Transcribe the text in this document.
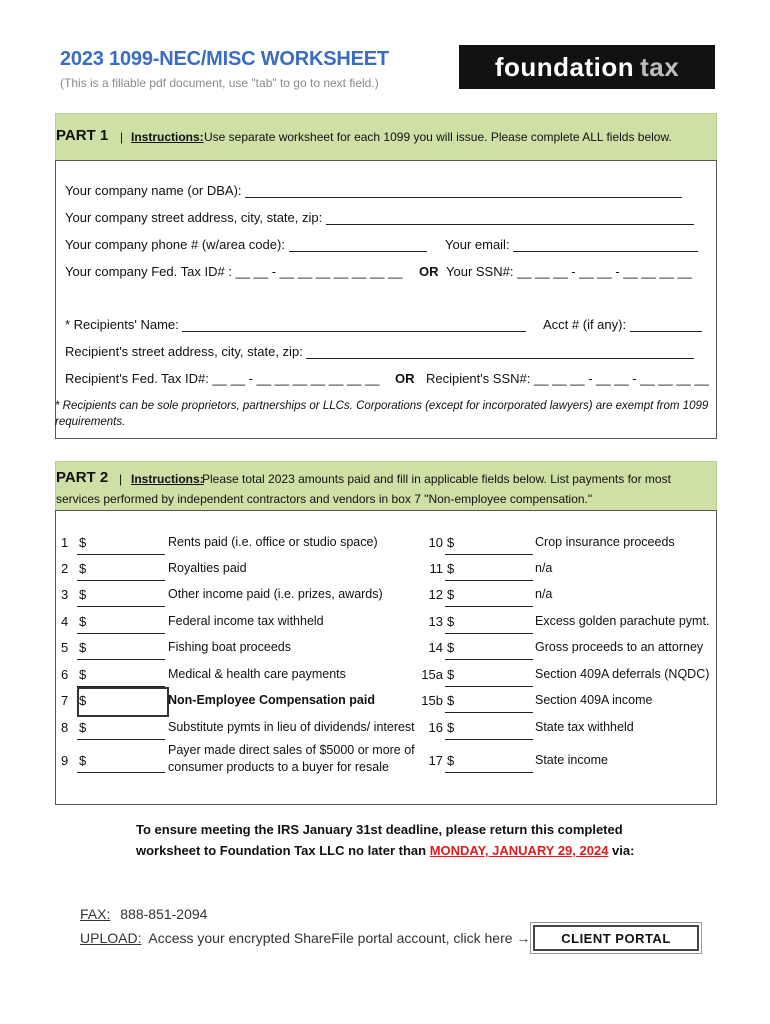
2023 1099-NEC/MISC WORKSHEET
(This is a fillable pdf document, use "tab" to go to next field.)
foundation tax
PART 1 | Instructions: Use separate worksheet for each 1099 you will issue. Please complete ALL fields below.
Your company name (or DBA):
Your company street address, city, state, zip:
Your company phone # (w/area code):	Your email:
Your company Fed. Tax ID# : __ __ - __ __ __ __ __ __ __ OR Your SSN#: __ __ __ - __ __ - __ __ __ __
* Recipients' Name:	Acct # (if any):
Recipient's street address, city, state, zip:
Recipient's Fed. Tax ID#: __ __ - __ __ __ __ __ __ __ OR Recipient's SSN#: __ __ __ - __ __ - __ __ __ __
* Recipients can be sole proprietors, partnerships or LLCs. Corporations (except for incorporated lawyers) are exempt from 1099 requirements.
PART 2 | Instructions:
Please total 2023 amounts paid and fill in applicable fields below. List payments for most
services performed by independent contractors and vendors in box 7 "Non-employee compensation."
1 $	Rents paid (i.e. office or studio space)
2 $	Royalties paid
3 $	Other income paid (i.e. prizes, awards)
4 $	Federal income tax withheld
5 $	Fishing boat proceeds
6 $	Medical & health care payments
7 $	Non-Employee Compensation paid
8 $	Substitute pymts in lieu of dividends/ interest
9 $
Payer made direct sales of $5000 or more of
consumer products to a buyer for resale
10 $	Crop insurance proceeds
11 $	n/a
12 $	n/a
13 $	Excess golden parachute pymt.
14 $	Gross proceeds to an attorney
15a $	Section 409A deferrals (NQDC)
15b $	Section 409A income
16 $	State tax withheld
17 $	State income
To ensure meeting the IRS January 31st deadline, please return this completed
worksheet to Foundation Tax LLC no later than MONDAY, JANUARY 29, 2024 via:
FAX: 888-851-2094
UPLOAD: Access your encrypted ShareFile portal account, click here →	CLIENT PORTAL
